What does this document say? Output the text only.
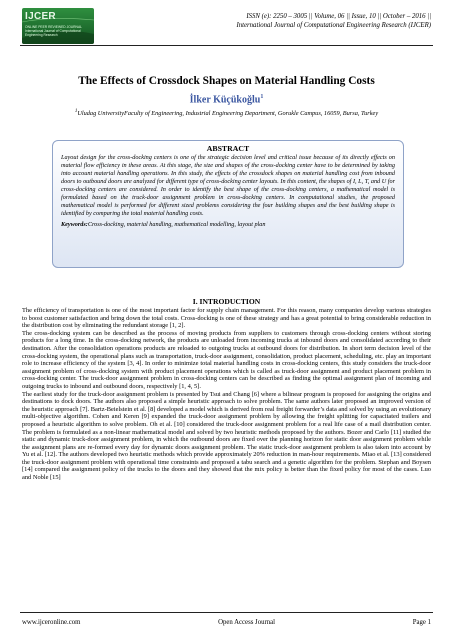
IJCER
ONLINE PEER REVIEWED JOURNAL International Journal of Computational Engineering Research
ISSN (e): 2250 – 3005 || Volume, 06 || Issue, 10 || October – 2016 ||
International Journal of Computational Engineering Research (IJCER)
The Effects of Crossdock Shapes on Material Handling Costs
İlker Küçükoğlu$^1$
$^1$Uludag UniversityFaculty of Engineering, Industrial Engineering Department, Gorukle Campus, 16059, Bursa, Turkey
ABSTRACT
Layout design for the cross-docking centers is one of the strategic decision level and critical issue because of its directly effects on material flow efficiency in these areas. At this stage, the size and shapes of the cross-docking center have to be determined by taking into account material handling operations. In this study, the effects of the crossdock shapes on material handling cost from inbound doors to outbound doors are analyzed for different type of cross-docking center layouts. In this content, the shapes of I, L, T, and U for cross-docking centers are considered. In order to identify the best shape of the cross-docking centers, a mathematical model is formulated based on the truck-door assignment problem in cross-docking centers. In computational studies, the proposed mathematical model is performed for different sized problems considering the four building shapes and the best building shape is identified by comparing the total material handling costs.
Keywords:Cross-docking, material handling, mathematical modelling, layout plan
I. INTRODUCTION

The efficiency of transportation is one of the most important factor for supply chain management. For this reason, many companies develop various strategies to boost customer satisfaction and bring down the total costs. Cross-docking is one of these strategy and has a great potential to bring considerable reduction in the distribution cost by eliminating the redundant storage [1, 2].

The cross-docking system can be described as the process of moving products from suppliers to customers through cross-docking centers without storing products for a long time. In the cross-docking network, the products are unloaded from incoming trucks at inbound doors and consolidated according to their destination. After the consolidation operations products are reloaded to outgoing trucks at outbound doors for distribution. In short term decision level of the cross-docking system, the operational plans such as transportation, truck-door assignment, consolidation, product placement, scheduling, etc. play an important role to increase efficiency of the system [3, 4]. In order to minimize total material handling costs in cross-docking centers, this study considers the truck-door assignment problem of cross-docking system with product placement operations which is called as truck-door assignment and product placement problem in cross-docking center. The truck-door assignment problem in cross-docking centers can be described as finding the optimal assignment plan of incoming and outgoing trucks to inbound and outbound doors, respectively [1, 4, 5].

The earliest study for the truck-door assignment problem is presented by Tsui and Chang [6] where a bilinear program is proposed for assigning the origins and destinations to dock doors. The authors also proposed a simple heuristic approach to solve problem. The same authors later proposed an improved version of the heuristic approach [7]. Bartz-Beielstein et al. [8] developed a model which is derived from real freight forwarder’s data and solved by using an evolutionary multi-objective algorithm. Cohen and Keren [9] expanded the truck-door assignment problem by allowing the freight splitting for capacitated trailers and proposed a heuristic algorithm to solve problem. Oh et al. [10] considered the truck-door assignment problem for a real life case of a mail distribution center. The problem is formulated as a non-linear mathematical model and solved by two heuristic methods proposed by the authors. Bozer and Carlo [11] studied the static and dynamic truck-door assignment problem, in which the outbound doors are fixed over the planning horizon for static door assignment problem while the assignment plans are re-formed every day for dynamic doors assignment problem. The static truck-door assignment problem is also taken into account by Yu et al. [12]. The authors developed two heuristic methods which provide approximately 20% reduction in man-hour requirements. Miao et al. [13] considered the truck-door assignment problem with operational time constraints and proposed a tabu search and a genetic algorithm for the problem. Stephan and Boysen [14] compared the assignment policy of the trucks to the doors and they showed that the mix policy is better than the fixed policy for most of the cases. Luo and Noble [15]

www.ijceronline.com	Open Access Journal	Page 1
